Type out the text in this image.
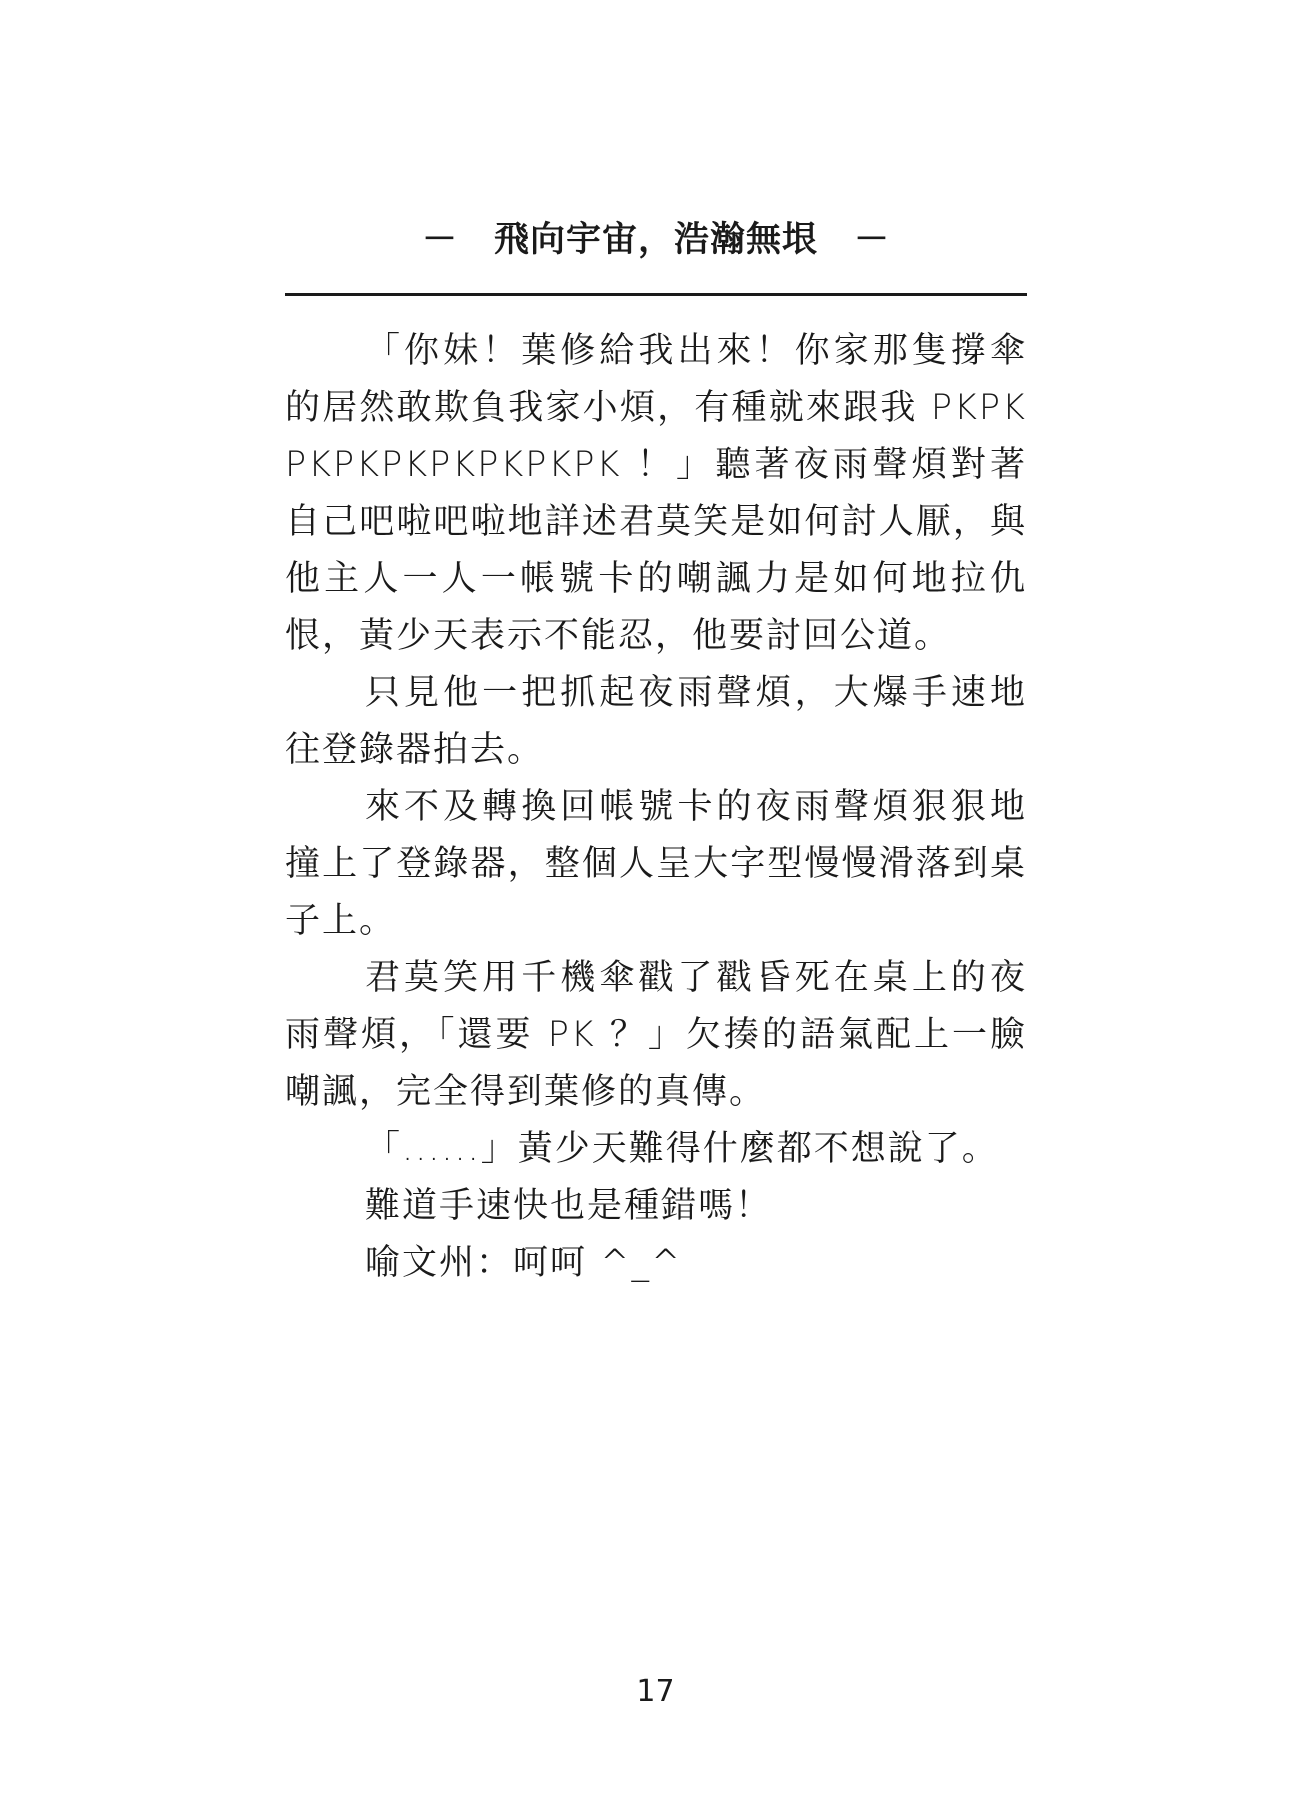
－　飛向宇宙，浩瀚無垠　－

「你妹！葉修給我出來！你家那隻撐傘的居然敢欺負我家小煩，有種就來跟我 PKPKPKPKPKPKPKPKPK ！」聽著夜雨聲煩對著自己吧啦吧啦地詳述君莫笑是如何討人厭，與他主人一人一帳號卡的嘲諷力是如何地拉仇恨，黃少天表示不能忍，他要討回公道。

只見他一把抓起夜雨聲煩，大爆手速地往登錄器拍去。

來不及轉換回帳號卡的夜雨聲煩狠狠地撞上了登錄器，整個人呈大字型慢慢滑落到桌子上。

君莫笑用千機傘戳了戳昏死在桌上的夜雨聲煩，「還要 PK ？」欠揍的語氣配上一臉嘲諷，完全得到葉修的真傳。

「......」黃少天難得什麼都不想說了。

難道手速快也是種錯嗎！

喻文州：呵呵 ^_^

17
